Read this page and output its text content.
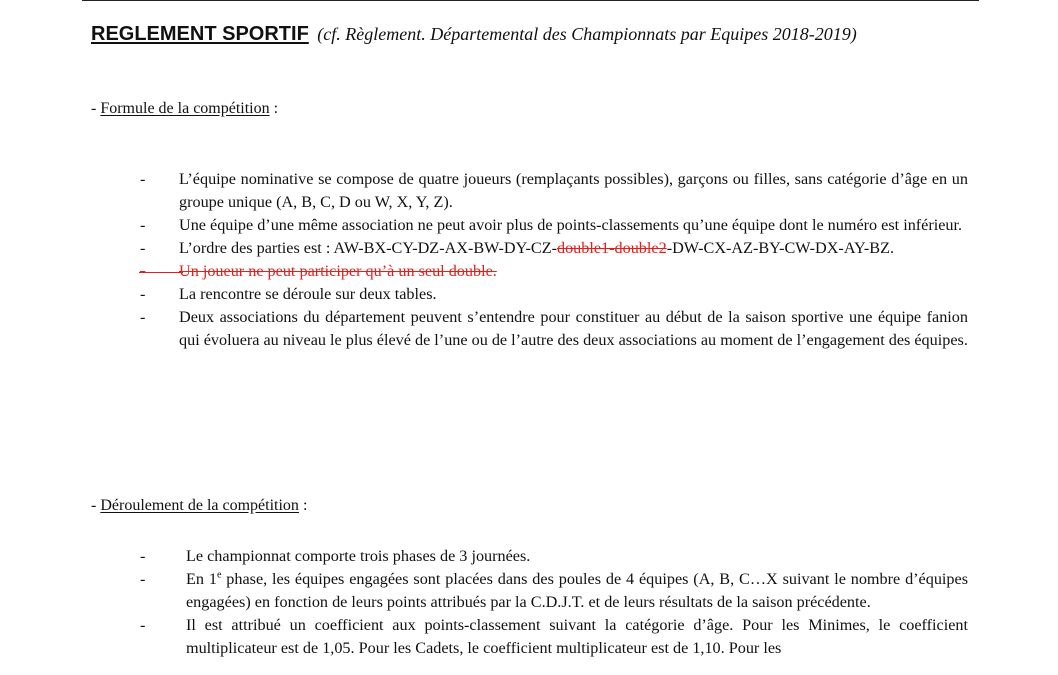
REGLEMENT SPORTIF (cf. Règlement. Départemental des Championnats par Equipes 2018-2019)
- Formule de la compétition :
- L’équipe nominative se compose de quatre joueurs (remplaçants possibles), garçons ou filles, sans catégorie d’âge en un groupe unique (A, B, C, D ou W, X, Y, Z).
- Une équipe d’une même association ne peut avoir plus de points-classements qu’une équipe dont le numéro est inférieur.
- L’ordre des parties est : AW-BX-CY-DZ-AX-BW-DY-CZ-double1-double2-DW-CX-AZ-BY-CW-DX-AY-BZ.
- Un joueur ne peut participer qu’à un seul double.
- La rencontre se déroule sur deux tables.
- Deux associations du département peuvent s’entendre pour constituer au début de la saison sportive une équipe fanion qui évoluera au niveau le plus élevé de l’une ou de l’autre des deux associations au moment de l’engagement des équipes.
- Déroulement de la compétition :
-	Le championnat comporte trois phases de 3 journées.
-	En 1e phase, les équipes engagées sont placées dans des poules de 4 équipes (A, B, C…X suivant le nombre d’équipes engagées) en fonction de leurs points attribués par la C.D.J.T. et de leurs résultats de la saison précédente.
-	Il est attribué un coefficient aux points-classement suivant la catégorie d’âge. Pour les Minimes, le coefficient multiplicateur est de 1,05. Pour les Cadets, le coefficient multiplicateur est de 1,10. Pour les
